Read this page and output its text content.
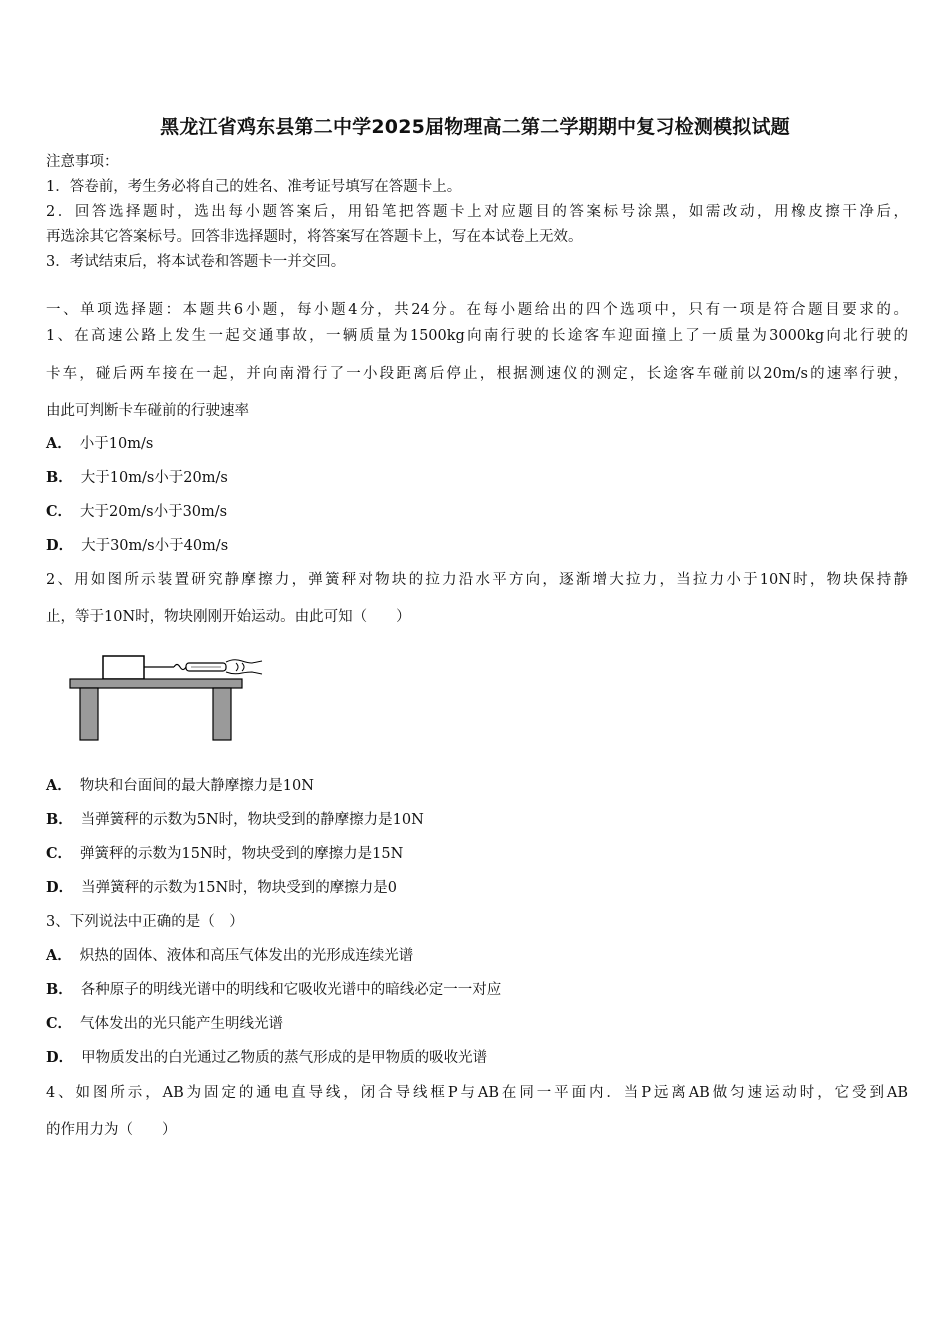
黑龙江省鸡东县第二中学2025届物理高二第二学期期中复习检测模拟试题
注意事项：
1．答卷前，考生务必将自己的姓名、准考证号填写在答题卡上。
2．回答选择题时，选出每小题答案后，用铅笔把答题卡上对应题目的答案标号涂黑，如需改动，用橡皮擦干净后，
再选涂其它答案标号。回答非选择题时，将答案写在答题卡上，写在本试卷上无效。
3．考试结束后，将本试卷和答题卡一并交回。
一、单项选择题：本题共6小题，每小题4分，共24分。在每小题给出的四个选项中，只有一项是符合题目要求的。
1、在高速公路上发生一起交通事故，一辆质量为1500kg向南行驶的长途客车迎面撞上了一质量为3000kg向北行驶的
卡车，碰后两车接在一起，并向南滑行了一小段距离后停止，根据测速仪的测定，长途客车碰前以20m/s的速率行驶，
由此可判断卡车碰前的行驶速率
A． 小于10m/s
B． 大于10m/s小于20m/s
C． 大于20m/s小于30m/s
D． 大于30m/s小于40m/s
2、用如图所示装置研究静摩擦力，弹簧秤对物块的拉力沿水平方向，逐渐增大拉力，当拉力小于10N时，物块保持静
止，等于10N时，物块刚刚开始运动。由此可知（　　）
A． 物块和台面间的最大静摩擦力是10N
B． 当弹簧秤的示数为5N时，物块受到的静摩擦力是10N
C． 弹簧秤的示数为15N时，物块受到的摩擦力是15N
D． 当弹簧秤的示数为15N时，物块受到的摩擦力是0
3、下列说法中正确的是（　）
A． 炽热的固体、液体和高压气体发出的光形成连续光谱
B． 各种原子的明线光谱中的明线和它吸收光谱中的暗线必定一一对应
C． 气体发出的光只能产生明线光谱
D． 甲物质发出的白光通过乙物质的蒸气形成的是甲物质的吸收光谱
4、如图所示，AB为固定的通电直导线，闭合导线框P与AB在同一平面内．当P远离AB做匀速运动时，它受到AB
的作用力为（　　）
